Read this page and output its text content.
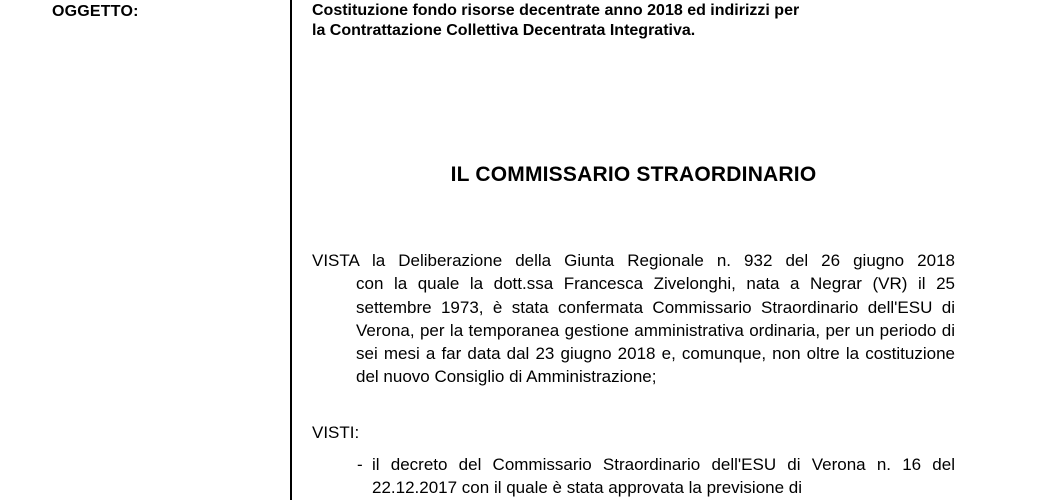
OGGETTO:	Costituzione fondo risorse decentrate anno 2018 ed indirizzi per
la Contrattazione Collettiva Decentrata Integrativa.
IL COMMISSARIO STRAORDINARIO
VISTA la Deliberazione della Giunta Regionale n. 932 del 26 giugno 2018
con la quale la dott.ssa Francesca Zivelonghi, nata a Negrar (VR) il 25 settembre 1973, è stata confermata Commissario Straordinario dell'ESU di Verona, per la temporanea gestione amministrativa ordinaria, per un periodo di sei mesi a far data dal 23 giugno 2018 e, comunque, non oltre la costituzione del nuovo Consiglio di Amministrazione;
VISTI:
- il decreto del Commissario Straordinario dell'ESU di Verona n. 16 del 22.12.2017 con il quale è stata approvata la previsione di
